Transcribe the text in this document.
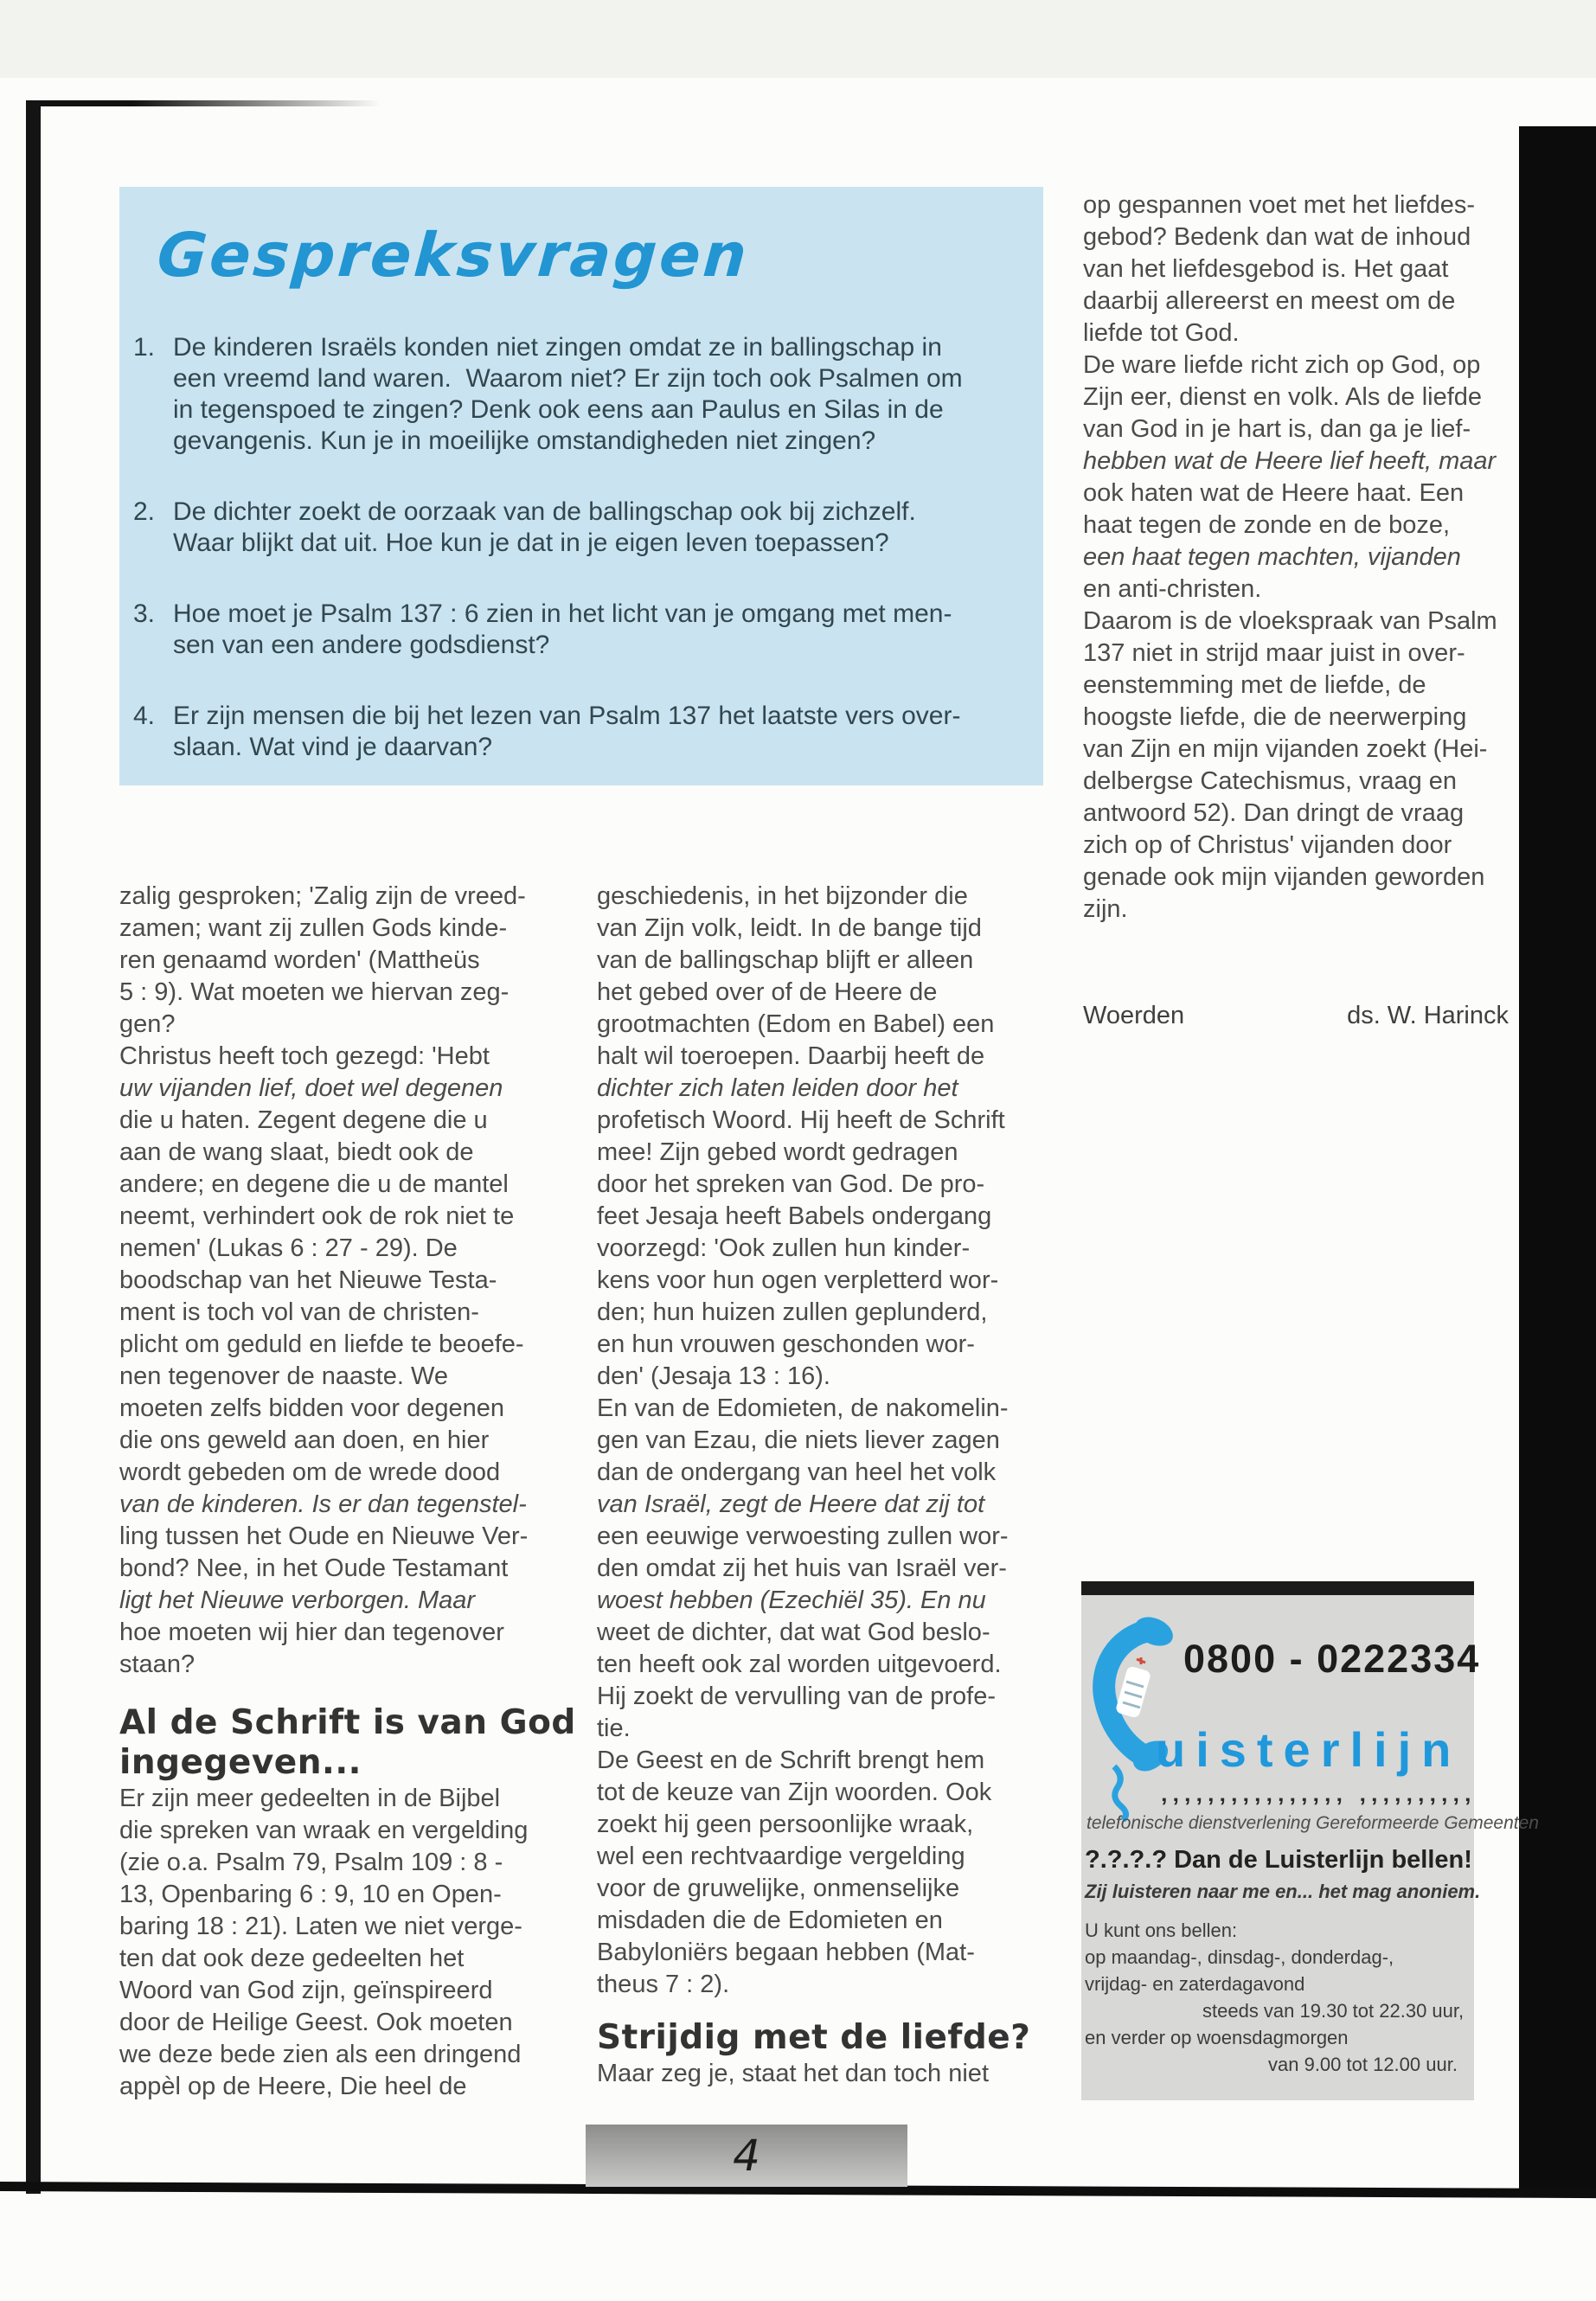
Gespreksvragen
1. De kinderen Israëls konden niet zingen omdat ze in ballingschap in
een vreemd land waren.  Waarom niet? Er zijn toch ook Psalmen om
in tegenspoed te zingen? Denk ook eens aan Paulus en Silas in de
gevangenis. Kun je in moeilijke omstandigheden niet zingen?
2. De dichter zoekt de oorzaak van de ballingschap ook bij zichzelf.
Waar blijkt dat uit. Hoe kun je dat in je eigen leven toepassen?
3. Hoe moet je Psalm 137 : 6 zien in het licht van je omgang met men-
sen van een andere godsdienst?
4. Er zijn mensen die bij het lezen van Psalm 137 het laatste vers over-
slaan. Wat vind je daarvan?
zalig gesproken; 'Zalig zijn de vreed-
zamen; want zij zullen Gods kinde-
ren genaamd worden' (Mattheüs
5 : 9). Wat moeten we hiervan zeg-
gen?
Christus heeft toch gezegd: 'Hebt
uw vijanden lief, doet wel degenen
die u haten. Zegent degene die u
aan de wang slaat, biedt ook de
andere; en degene die u de mantel
neemt, verhindert ook de rok niet te
nemen' (Lukas 6 : 27 - 29). De
boodschap van het Nieuwe Testa-
ment is toch vol van de christen-
plicht om geduld en liefde te beoefe-
nen tegenover de naaste. We
moeten zelfs bidden voor degenen
die ons geweld aan doen, en hier
wordt gebeden om de wrede dood
van de kinderen. Is er dan tegenstel-
ling tussen het Oude en Nieuwe Ver-
bond? Nee, in het Oude Testamant
ligt het Nieuwe verborgen. Maar
hoe moeten wij hier dan tegenover
staan?
Al de Schrift is van God
ingegeven...
Er zijn meer gedeelten in de Bijbel
die spreken van wraak en vergelding
(zie o.a. Psalm 79, Psalm 109 : 8 -
13, Openbaring 6 : 9, 10 en Open-
baring 18 : 21). Laten we niet verge-
ten dat ook deze gedeelten het
Woord van God zijn, geïnspireerd
door de Heilige Geest. Ook moeten
we deze bede zien als een dringend
appèl op de Heere, Die heel de
geschiedenis, in het bijzonder die
van Zijn volk, leidt. In de bange tijd
van de ballingschap blijft er alleen
het gebed over of de Heere de
grootmachten (Edom en Babel) een
halt wil toeroepen. Daarbij heeft de
dichter zich laten leiden door het
profetisch Woord. Hij heeft de Schrift
mee! Zijn gebed wordt gedragen
door het spreken van God. De pro-
feet Jesaja heeft Babels ondergang
voorzegd: 'Ook zullen hun kinder-
kens voor hun ogen verpletterd wor-
den; hun huizen zullen geplunderd,
en hun vrouwen geschonden wor-
den' (Jesaja 13 : 16).
En van de Edomieten, de nakomelin-
gen van Ezau, die niets liever zagen
dan de ondergang van heel het volk
van Israël, zegt de Heere dat zij tot
een eeuwige verwoesting zullen wor-
den omdat zij het huis van Israël ver-
woest hebben (Ezechiël 35). En nu
weet de dichter, dat wat God beslo-
ten heeft ook zal worden uitgevoerd.
Hij zoekt de vervulling van de profe-
tie.
De Geest en de Schrift brengt hem
tot de keuze van Zijn woorden. Ook
zoekt hij geen persoonlijke wraak,
wel een rechtvaardige vergelding
voor de gruwelijke, onmenselijke
misdaden die de Edomieten en
Babyloniërs begaan hebben (Mat-
theus 7 : 2).
Strijdig met de liefde?
Maar zeg je, staat het dan toch niet
op gespannen voet met het liefdes-
gebod? Bedenk dan wat de inhoud
van het liefdesgebod is. Het gaat
daarbij allereerst en meest om de
liefde tot God.
De ware liefde richt zich op God, op
Zijn eer, dienst en volk. Als de liefde
van God in je hart is, dan ga je lief-
hebben wat de Heere lief heeft, maar
ook haten wat de Heere haat. Een
haat tegen de zonde en de boze,
een haat tegen machten, vijanden
en anti-christen.
Daarom is de vloekspraak van Psalm
137 niet in strijd maar juist in over-
eenstemming met de liefde, de
hoogste liefde, die de neerwerping
van Zijn en mijn vijanden zoekt (Hei-
delbergse Catechismus, vraag en
antwoord 52). Dan dringt de vraag
zich op of Christus' vijanden door
genade ook mijn vijanden geworden
zijn.
Woerden	ds. W. Harinck
0800 - 0222334
uisterlijn
‚‚‚‚‚‚‚‚‚‚‚‚‚‚‚‚ ‚‚‚‚‚‚‚‚‚‚
telefonische dienstverlening Gereformeerde Gemeenten
?.?.?.? Dan de Luisterlijn bellen!
Zij luisteren naar me en... het mag anoniem.
U kunt ons bellen:
op maandag-, dinsdag-, donderdag-,
vrijdag- en zaterdagavond
steeds van 19.30 tot 22.30 uur,
en verder op woensdagmorgen
van 9.00 tot 12.00 uur.
4
